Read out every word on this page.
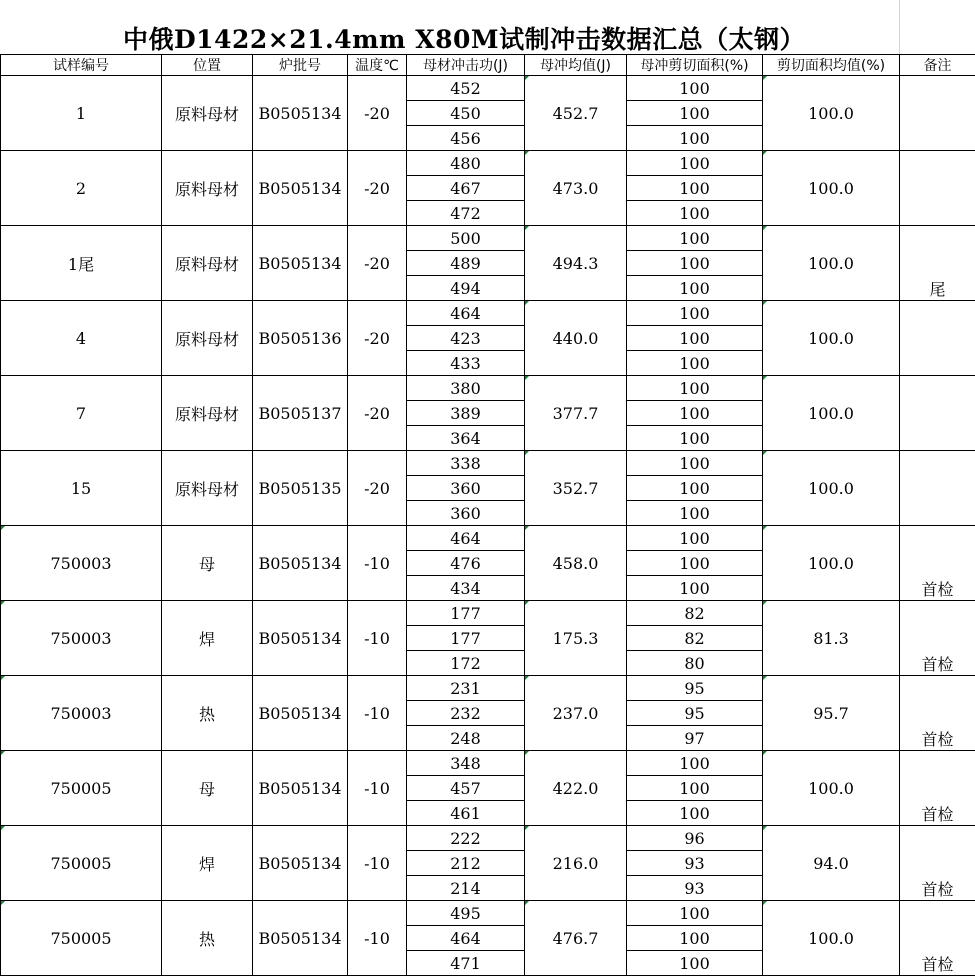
中俄D1422×21.4mm X80M试制冲击数据汇总（太钢）
试样编号	位置	炉批号	温度℃	母材冲击功(J)	母冲均值(J)	母冲剪切面积(%)	剪切面积均值(%)	备注
1	原料母材	B0505134	-20	452	452.7	100	100.0	
				450		100		
				456		100		
2	原料母材	B0505134	-20	480	473.0	100	100.0	
				467		100		
				472		100		
1尾	原料母材	B0505134	-20	500	494.3	100	100.0	尾
				489		100		
				494		100		
4	原料母材	B0505136	-20	464	440.0	100	100.0	
				423		100		
				433		100		
7	原料母材	B0505137	-20	380	377.7	100	100.0	
				389		100		
				364		100		
15	原料母材	B0505135	-20	338	352.7	100	100.0	
				360		100		
				360		100		

750003	母	B0505134	-10	464	458.0	100	100.0	首检
				476		100		
				434		100		

750003	焊	B0505134	-10	177	175.3	82	81.3	首检
				177		82		
				172		80		

750003	热	B0505134	-10	231	237.0	95	95.7	首检
				232		95		
				248		97		

750005	母	B0505134	-10	348	422.0	100	100.0	首检
				457		100		
				461		100		

750005	焊	B0505134	-10	222	216.0	96	94.0	首检
				212		93		
				214		93		

750005	热	B0505134	-10	495	476.7	100	100.0	首检
				464		100		
				471		100		
